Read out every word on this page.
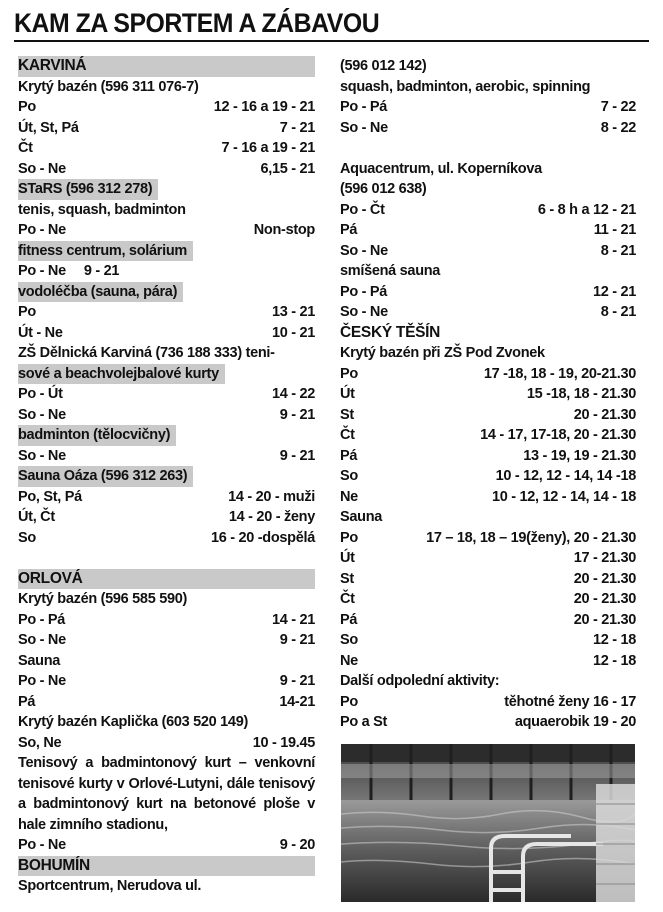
KAM ZA SPORTEM A ZÁBAVOU
KARVINÁ
Krytý bazén (596 311 076-7)
Po	12 - 16 a 19 - 21
Út, St, Pá	7 - 21
Čt	7 - 16 a 19 - 21
So - Ne	6,15 - 21
STaRS (596 312 278)
tenis, squash, badminton
Po - Ne	Non-stop
fitness centrum, solárium
Po - Ne 9 - 21
vodoléčba (sauna, pára)
Po	13 - 21
Út - Ne	10 - 21
ZŠ Dělnická Karviná (736 188 333) teni-
sové a beachvolejbalové kurty
Po - Út	14 - 22
So - Ne	9 - 21
badminton (tělocvičny)
So - Ne	9 - 21
Sauna Oáza (596 312 263)
Po, St, Pá	14 - 20 - muži
Út, Čt	14 - 20 - ženy
So	16 - 20 -dospělá
ORLOVÁ
Krytý bazén (596 585 590)
Po - Pá	14 - 21
So - Ne	9 - 21
Sauna
Po - Ne	9 - 21
Pá	14-21
Krytý bazén Kaplička (603 520 149)
So, Ne	10 - 19.45
Tenisový a badmintonový kurt – venkovní tenisové kurty v Orlové-Lutyni, dále tenisový a badmintonový kurt na betonové ploše v hale zimního stadionu,
Po - Ne	9 - 20
BOHUMÍN
Sportcentrum, Nerudova ul.
(596 012 142)
squash, badminton, aerobic, spinning
Po - Pá	7 - 22
So - Ne	8 - 22
Aquacentrum, ul. Koperníkova
(596 012 638)
Po - Čt	6 - 8 h a 12 - 21
Pá	11 - 21
So - Ne	8 - 21
smíšená sauna
Po - Pá	12 - 21
So - Ne	8 - 21
ČESKÝ TĚŠÍN
Krytý bazén při ZŠ Pod Zvonek
Po	17 -18, 18 - 19, 20-21.30
Út	15 -18, 18 - 21.30
St	20 - 21.30
Čt	14 - 17, 17-18, 20 - 21.30
Pá	13 - 19, 19 - 21.30
So	10 - 12, 12 - 14, 14 -18
Ne	10 - 12, 12 - 14, 14 - 18
Sauna
Po	17 – 18, 18 – 19(ženy), 20 - 21.30
Út	17 - 21.30
St	20 - 21.30
Čt	20 - 21.30
Pá	20 - 21.30
So	12 - 18
Ne	12 - 18
Další odpolední aktivity:
Po	těhotné ženy 16 - 17
Po a St	aquaerobik 19 - 20
